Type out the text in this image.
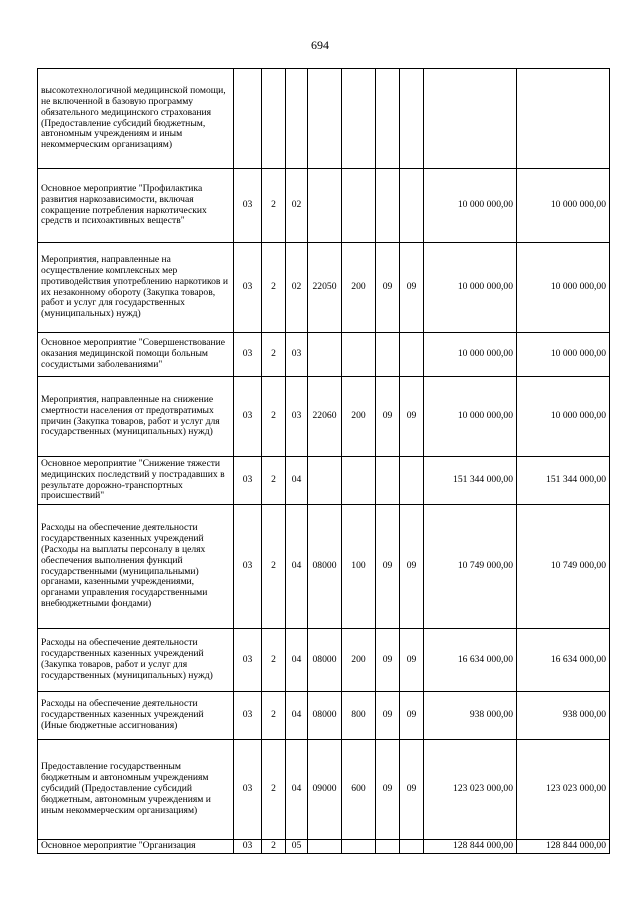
694
высокотехнологичной медицинской помощи, не включенной в базовую программу обязательного медицинского страхования (Предоставление субсидий бюджетным, автономным учреждениям и иным некоммерческим организациям)									
Основное мероприятие "Профилактика развития наркозависимости, включая сокращение потребления наркотических средств и психоактивных веществ"	03	2	02					10 000 000,00	10 000 000,00
Мероприятия, направленные на осуществление комплексных мер противодействия употреблению наркотиков и их незаконному обороту (Закупка товаров, работ и услуг для государственных (муниципальных) нужд)	03	2	02	22050	200	09	09	10 000 000,00	10 000 000,00
Основное мероприятие "Совершенствование оказания медицинской помощи больным сосудистыми заболеваниями"	03	2	03					10 000 000,00	10 000 000,00
Мероприятия, направленные на снижение смертности населения от предотвратимых причин (Закупка товаров, работ и услуг для государственных (муниципальных) нужд)	03	2	03	22060	200	09	09	10 000 000,00	10 000 000,00
Основное мероприятие "Снижение тяжести медицинских последствий у пострадавших в результате дорожно-транспортных происшествий"	03	2	04					151 344 000,00	151 344 000,00
Расходы на обеспечение деятельности государственных казенных учреждений (Расходы на выплаты персоналу в целях обеспечения выполнения функций государственными (муниципальными) органами, казенными учреждениями, органами управления государственными внебюджетными фондами)	03	2	04	08000	100	09	09	10 749 000,00	10 749 000,00
Расходы на обеспечение деятельности государственных казенных учреждений (Закупка товаров, работ и услуг для государственных (муниципальных) нужд)	03	2	04	08000	200	09	09	16 634 000,00	16 634 000,00
Расходы на обеспечение деятельности государственных казенных учреждений (Иные бюджетные ассигнования)	03	2	04	08000	800	09	09	938 000,00	938 000,00
Предоставление государственным бюджетным и автономным учреждениям субсидий (Предоставление субсидий бюджетным, автономным учреждениям и иным некоммерческим организациям)	03	2	04	09000	600	09	09	123 023 000,00	123 023 000,00
Основное мероприятие "Организация	03	2	05					128 844 000,00	128 844 000,00
